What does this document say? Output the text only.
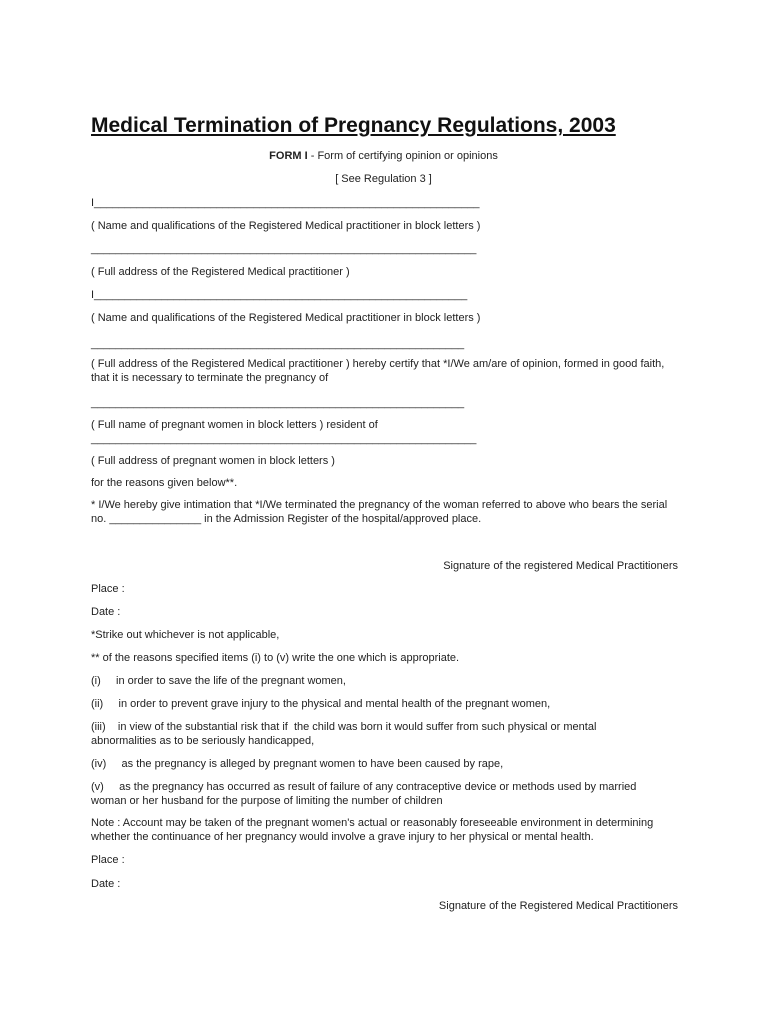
Medical Termination of Pregnancy Regulations, 2003
FORM I - Form of certifying opinion or opinions
[ See Regulation 3 ]
I_______________________________________________________________
( Name and qualifications of the Registered Medical practitioner in block letters )
_______________________________________________________________
( Full address of the Registered Medical practitioner )
I_____________________________________________________________
( Name and qualifications of the Registered Medical practitioner in block letters )
_____________________________________________________________
( Full address of the Registered Medical practitioner ) hereby certify that *I/We am/are of opinion, formed in good faith, that it is necessary to terminate the pregnancy of
_____________________________________________________________
( Full name of pregnant women in block letters ) resident of
_______________________________________________________________
( Full address of pregnant women in block letters )
for the reasons given below**.
* I/We hereby give intimation that *I/We terminated the pregnancy of the woman referred to above who bears the serial no. _______________ in the Admission Register of the hospital/approved place.
Signature of the registered Medical Practitioners
Place :
Date :
*Strike out whichever is not applicable,
** of the reasons specified items (i) to (v) write the one which is appropriate.
(i)     in order to save the life of the pregnant women,
(ii)     in order to prevent grave injury to the physical and mental health of the pregnant women,
(iii)    in view of the substantial risk that if  the child was born it would suffer from such physical or mental abnormalities as to be seriously handicapped,
(iv)     as the pregnancy is alleged by pregnant women to have been caused by rape,
(v)     as the pregnancy has occurred as result of failure of any contraceptive device or methods used by married woman or her husband for the purpose of limiting the number of children
Note : Account may be taken of the pregnant women's actual or reasonably foreseeable environment in determining whether the continuance of her pregnancy would involve a grave injury to her physical or mental health.
Place :
Date :
Signature of the Registered Medical Practitioners
